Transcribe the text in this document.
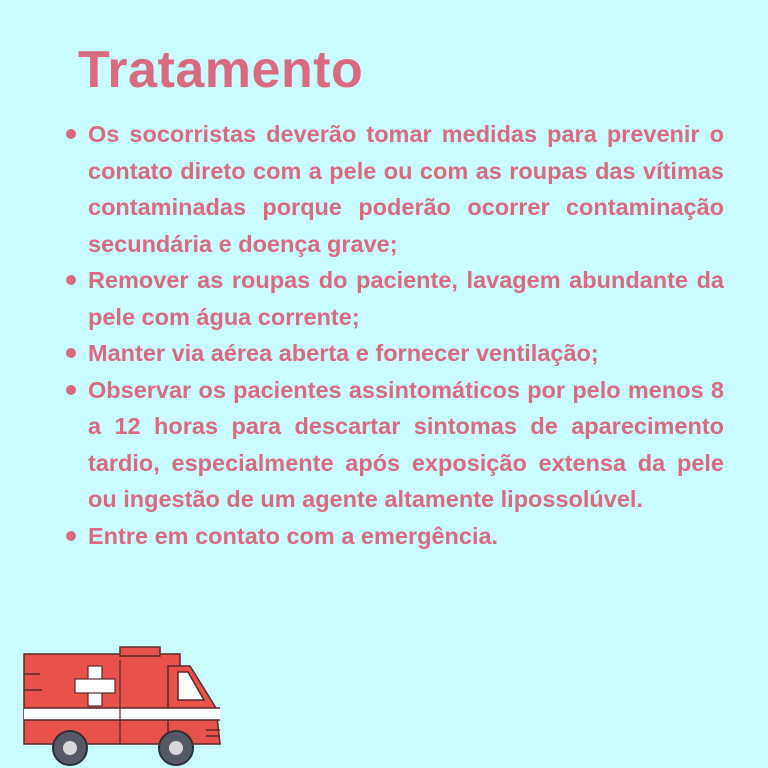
Tratamento
Os socorristas deverão tomar medidas para prevenir o contato direto com a pele ou com as roupas das vítimas contaminadas porque poderão ocorrer contaminação secundária e doença grave;
Remover as roupas do paciente, lavagem abundante da pele com água corrente;
Manter via aérea aberta e fornecer ventilação;
Observar os pacientes assintomáticos por pelo menos 8 a 12 horas para descartar sintomas de aparecimento tardio, especialmente após exposição extensa da pele ou ingestão de um agente altamente lipossolúvel.
Entre em contato com a emergência.
